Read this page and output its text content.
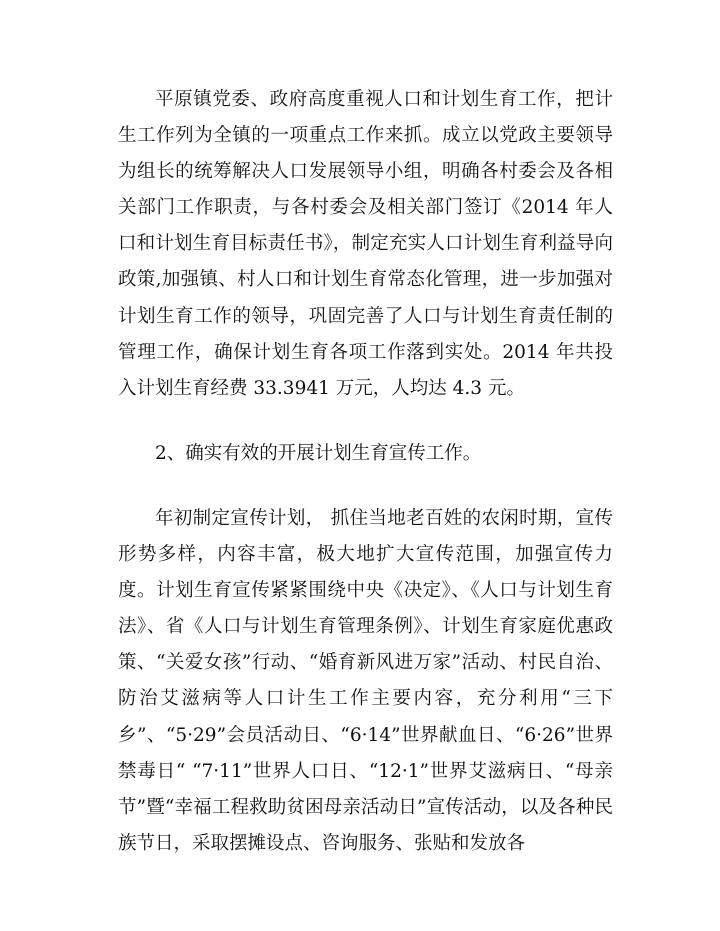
平原镇党委、政府高度重视人口和计划生育工作，把计生工作列为全镇的一项重点工作来抓。成立以党政主要领导为组长的统筹解决人口发展领导小组，明确各村委会及各相关部门工作职责，与各村委会及相关部门签订《2014 年人口和计划生育目标责任书》，制定充实人口计划生育利益导向政策,加强镇、村人口和计划生育常态化管理，进一步加强对计划生育工作的领导，巩固完善了人口与计划生育责任制的管理工作，确保计划生育各项工作落到实处。2014 年共投入计划生育经费 33.3941 万元，人均达 4.3 元。

2、确实有效的开展计划生育宣传工作。

年初制定宣传计划， 抓住当地老百姓的农闲时期，宣传形势多样，内容丰富，极大地扩大宣传范围，加强宣传力度。计划生育宣传紧紧围绕中央《决定》、《人口与计划生育法》、省《人口与计划生育管理条例》、计划生育家庭优惠政策、“关爱女孩”行动、“婚育新风进万家”活动、村民自治、防治艾滋病等人口计生工作主要内容，充分利用“三下乡”、“5·29”会员活动日、“6·14”世界献血日、“6·26”世界禁毒日“ “7·11”世界人口日、“12·1”世界艾滋病日、“母亲节”暨“幸福工程救助贫困母亲活动日”宣传活动，以及各种民族节日，采取摆摊设点、咨询服务、张贴和发放各
